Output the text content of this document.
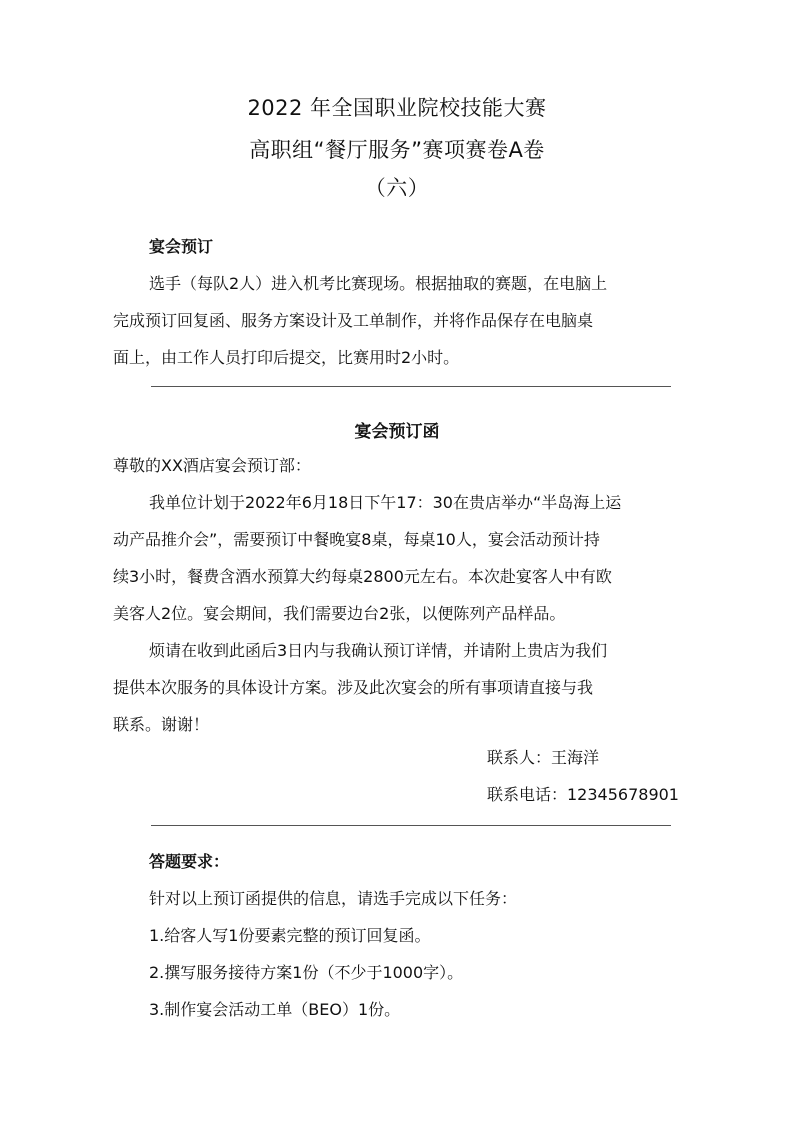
2022 年全国职业院校技能大赛
高职组“餐厅服务”赛项赛卷A卷
（六）

宴会预订

选手（每队2人）进入机考比赛现场。根据抽取的赛题，在电脑上

完成预订回复函、服务方案设计及工单制作，并将作品保存在电脑桌

面上，由工作人员打印后提交，比赛用时2小时。

宴会预订函

尊敬的XX酒店宴会预订部：

我单位计划于2022年6月18日下午17：30在贵店举办“半岛海上运

动产品推介会”，需要预订中餐晚宴8桌，每桌10人，宴会活动预计持

续3小时，餐费含酒水预算大约每桌2800元左右。本次赴宴客人中有欧

美客人2位。宴会期间，我们需要边台2张，以便陈列产品样品。

烦请在收到此函后3日内与我确认预订详情，并请附上贵店为我们

提供本次服务的具体设计方案。涉及此次宴会的所有事项请直接与我

联系。谢谢！

联系人：王海洋
联系电话：12345678901

答题要求：

针对以上预订函提供的信息，请选手完成以下任务：

1.给客人写1份要素完整的预订回复函。

2.撰写服务接待方案1份（不少于1000字）。

3.制作宴会活动工单（BEO）1份。
